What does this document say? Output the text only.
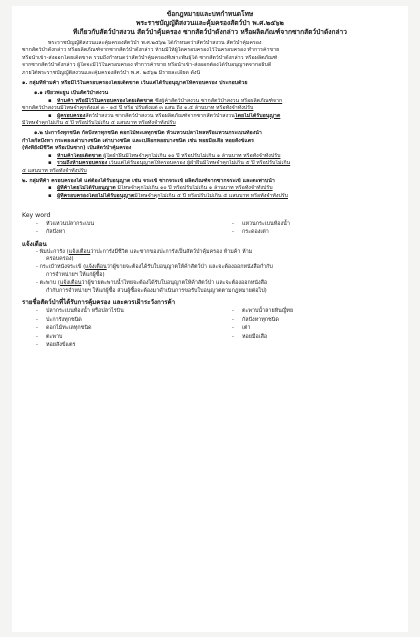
ข้อกฎหมายและบทกำหนดโทษ
พระราชบัญญัติสงวนและคุ้มครองสัตว์ป่า พ.ศ.๒๕๖๒
ที่เกี่ยวกับสัตว์ป่าสงวน สัตว์ป่าคุ้มครอง ซากสัตว์ป่าดังกล่าว หรือผลิตภัณฑ์จากซากสัตว์ป่าดังกล่าว
พระราชบัญญัติสงวนและคุ้มครองสัตว์ป่า พ.ศ.๒๕๖๒ ได้กำหนดว่าสัตว์ป่าสงวน สัตว์ป่าคุ้มครอง
ซากสัตว์ป่าดังกล่าว หรือผลิตภัณฑ์จากซากสัตว์ป่าดังกล่าว ห้ามมิให้ผู้ใดครอบครองไว้ในครอบครอง ทำการค้าขาย
หรือนำเข้า-ส่งออกโดยเด็ดขาด รวมถึงกำหนดว่าสัตว์ป่าคุ้มครองที่เพาะพันธุ์ได้ ซากสัตว์ป่าดังกล่าว หรือผลิตภัณฑ์
จากซากสัตว์ป่าดังกล่าว ผู้ใดจะมีไว้ในครอบครอง ทำการค้าขาย หรือนำเข้า-ส่งออกต้องได้รับอนุญาตจากอธิบดี
ภายใต้พระราชบัญญัติสงวนและคุ้มครองสัตว์ป่า พ.ศ. ๒๕๖๒ มีรายละเอียด ดังนี้
๑. กลุ่มที่ห้ามค้า หรือมีไว้ในครอบครองโดยเด็ดขาด เว้นแต่ได้รับอนุญาตให้ครอบครอง ประกอบด้วย
๑.๑ เขี้ยวพะยูน เป็นสัตว์ป่าสงวน
▪ ห้ามค้า หรือมีไว้ในครอบครองโดยเด็ดขาด ซึ่งผู้ค้าสัตว์ป่าสงวน ซากสัตว์ป่าสงวน หรือผลิตภัณฑ์จาก
ซากสัตว์ป่าสงวนมีโทษจำคุกตั้งแต่ ๓ - ๑๕ ปี หรือ ปรับตั้งแต่ ๓ แสน ถึง ๑.๕ ล้านบาท หรือทั้งจำทั้งปรับ
▪ ผู้ครอบครองสัตว์ป่าสงวน ซากสัตว์ป่าสงวน หรือผลิตภัณฑ์จากซากสัตว์ป่าสงวนโดยไม่ได้รับอนุญาต
มีโทษจำคุกไม่เกิน ๕ ปี หรือปรับไม่เกิน ๕ แสนบาท หรือทั้งจำทั้งปรับ
๑.๒ ปะการังทุกชนิด กัลปังหาทุกชนิด ดอกไม้ทะเลทุกชนิด หัวแหวนปลาไหลหรือแหวนกระเบนท้องน้ำ
กำไลกัลปังหา กระดองเต่าบางชนิด เต่าบางชนิด และเปลือกหอยบางชนิด เช่น หอยมือเสือ หอยสังข์แตร
(ทั้งที่ยังมีชีวิต หรือเป็นซาก) เป็นสัตว์ป่าคุ้มครอง
▪ ห้ามค้าโดยเด็ดขาด ผู้ใดฝ่าฝืนมีโทษจำคุกไม่เกิน ๑๐ ปี หรือปรับไม่เกิน ๑ ล้านบาท หรือทั้งจำทั้งปรับ
▪ รวมถึงห้ามครอบครอง เว้นแต่ได้รับอนุญาตให้ครอบครอง ผู้ฝ่าฝืนมีโทษจำคุกไม่เกิน ๕ ปี หรือปรับไม่เกิน
๕ แสนบาท หรือทั้งจำทั้งปรับ
๒. กลุ่มที่ค้า ครอบครองได้ แต่ต้องได้รับอนุญาต เช่น จระเข้ ซากจระเข้ ผลิตภัณฑ์จากซากจระเข้ และตะพาบน้ำ
▪ ผู้ที่ค้าโดยไม่ได้รับอนุญาต มีโทษจำคุกไม่เกิน ๑๐ ปี หรือปรับไม่เกิน ๑ ล้านบาท หรือทั้งจำทั้งปรับ
▪ ผู้ที่ครอบครองโดยไม่ได้รับอนุญาตมีโทษจำคุกไม่เกิน ๕ ปี หรือปรับไม่เกิน ๕ แสนบาท หรือทั้งจำทั้งปรับ
Key word
-	หัวแหวนปลากระเบน	-	แหวนกระเบนท้องน้ำ
-	กัลปังหา	-	กระดองเต่า
แจ้งเตือน
- พิมปะการัง (แจ้งเตือนว่าปะการังมีชีวิต และซากของปะการังเป็นสัตว์ป่าคุ้มครอง ห้ามค้า ห้าม
ครอบครอง)
- กระเป๋าหนังจระเข้ (แจ้งเตือนว่าผู้ขายจะต้องได้รับใบอนุญาตให้ค้าสัตว์ป่า และจะต้องออกหนังสือกำกับ
การจำหน่ายฯ ให้แก่ผู้ซื้อ)
- ตะพาบ (แจ้งเตือนว่าผู้ขายตะพาบน้ำไทยจะต้องได้รับใบอนุญาตให้ค้าสัตว์ป่า และจะต้องออกหนังสือ
กำกับการจำหน่ายฯ ให้แก่ผู้ซื้อ ส่วนผู้ซื้อจะต้องมาดำเนินการขอรับใบอนุญาตตามกฎหมายต่อไป)
รายชื่อสัตว์ป่าที่ได้รับการคุ้มครอง และควรเฝ้าระวังการค้า
-	ปลากระเบนท้องน้ำ หรือปลาไรบิน	-	ตะพาบน้ำลายหินญี่ทย
-	ปะการังทุกชนิด	-	กัลปังหาทุกชนิด
-	ดอกไม้ทะเลทุกชนิด	-	เต่า
-	ตะพาบ	-	หอยมือเสือ
-	หอยสังข์แตร
